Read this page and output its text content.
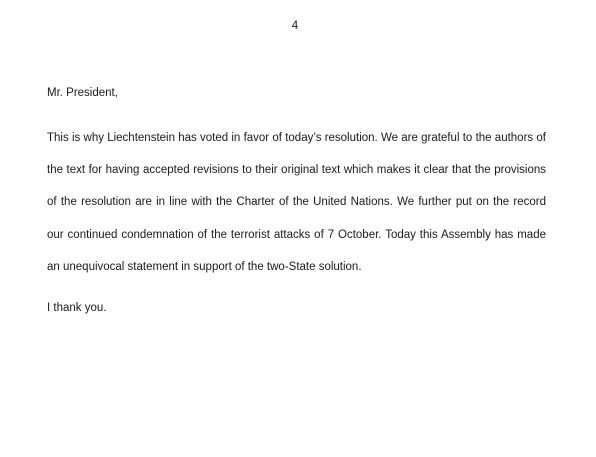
4

Mr. President,

This is why Liechtenstein has voted in favor of today’s resolution. We are grateful to the authors of the text for having accepted revisions to their original text which makes it clear that the provisions of the resolution are in line with the Charter of the United Nations. We further put on the record our continued condemnation of the terrorist attacks of 7 October. Today this Assembly has made an unequivocal statement in support of the two-State solution.

I thank you.
